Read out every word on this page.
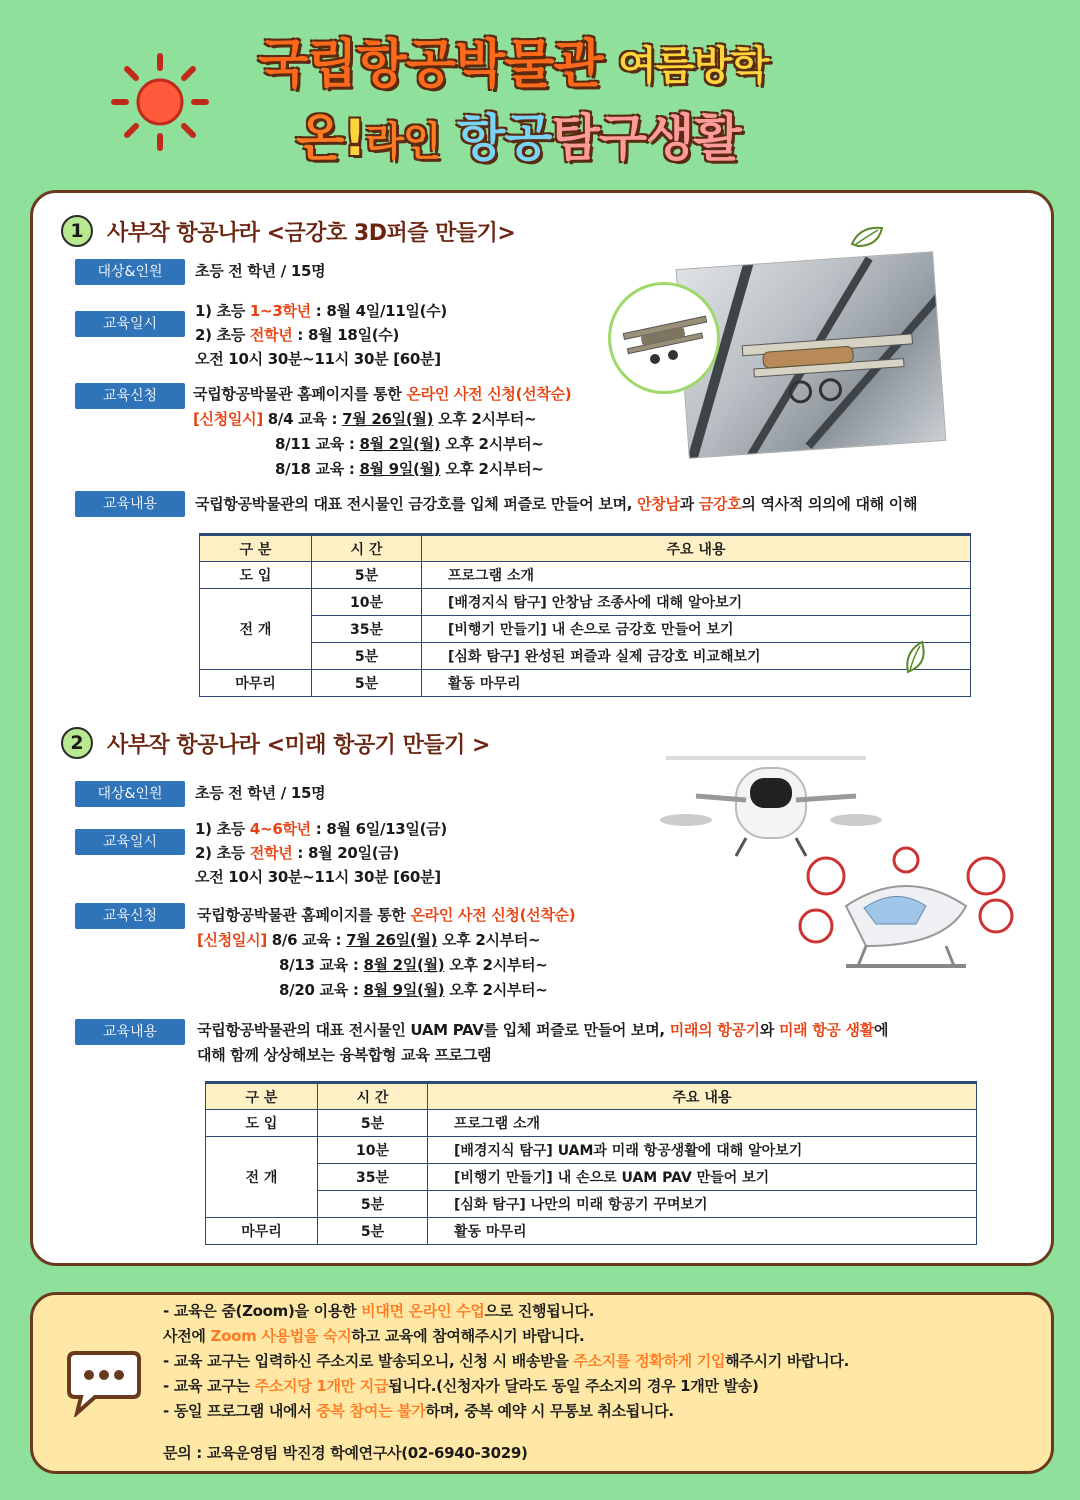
국립항공박물관 여름방학
온!라인 항공탐구생활
1	사부작 항공나라 <금강호 3D퍼즐 만들기>
대상&인원	초등 전 학년 / 15명
교육일시
1) 초등 1~3학년 : 8월 4일/11일(수)
2) 초등 전학년 : 8월 18일(수)
오전 10시 30분~11시 30분 [60분]
교육신청	국립항공박물관 홈페이지를 통한 온라인 사전 신청(선착순)
[신청일시] 8/4 교육 : 7월 26일(월) 오후 2시부터~
8/11 교육 : 8월 2일(월) 오후 2시부터~
8/18 교육 : 8월 9일(월) 오후 2시부터~
교육내용	국립항공박물관의 대표 전시물인 금강호를 입체 퍼즐로 만들어 보며, 안창남과 금강호의 역사적 의의에 대해 이해
구 분	시 간	주요 내용
도 입	5분	프로그램 소개
전 개	10분	[배경지식 탐구] 안창남 조종사에 대해 알아보기
	35분	[비행기 만들기] 내 손으로 금강호 만들어 보기
	5분	[심화 탐구] 완성된 퍼즐과 실제 금강호 비교해보기
마무리	5분	활동 마무리
2	사부작 항공나라 <미래 항공기 만들기 >
대상&인원	초등 전 학년 / 15명
교육일시
1) 초등 4~6학년 : 8월 6일/13일(금)
2) 초등 전학년 : 8월 20일(금)
오전 10시 30분~11시 30분 [60분]
교육신청	국립항공박물관 홈페이지를 통한 온라인 사전 신청(선착순)
[신청일시] 8/6 교육 : 7월 26일(월) 오후 2시부터~
8/13 교육 : 8월 2일(월) 오후 2시부터~
8/20 교육 : 8월 9일(월) 오후 2시부터~
교육내용	국립항공박물관의 대표 전시물인 UAM PAV를 입체 퍼즐로 만들어 보며, 미래의 항공기와 미래 항공 생활에
대해 함께 상상해보는 융복합형 교육 프로그램
구 분	시 간	주요 내용
도 입	5분	프로그램 소개
전 개	10분	[배경지식 탐구] UAM과 미래 항공생활에 대해 알아보기
	35분	[비행기 만들기] 내 손으로 UAM PAV 만들어 보기
	5분	[심화 탐구] 나만의 미래 항공기 꾸며보기
마무리	5분	활동 마무리
- 교육은 줌(Zoom)을 이용한 비대면 온라인 수업으로 진행됩니다.
사전에 Zoom 사용법을 숙지하고 교육에 참여해주시기 바랍니다.
- 교육 교구는 입력하신 주소지로 발송되오니, 신청 시 배송받을 주소지를 정확하게 기입해주시기 바랍니다.
- 교육 교구는 주소지당 1개만 지급됩니다.(신청자가 달라도 동일 주소지의 경우 1개만 발송)
- 동일 프로그램 내에서 중복 참여는 불가하며, 중복 예약 시 무통보 취소됩니다.
문의 : 교육운영팀 박진경 학예연구사(02-6940-3029)
